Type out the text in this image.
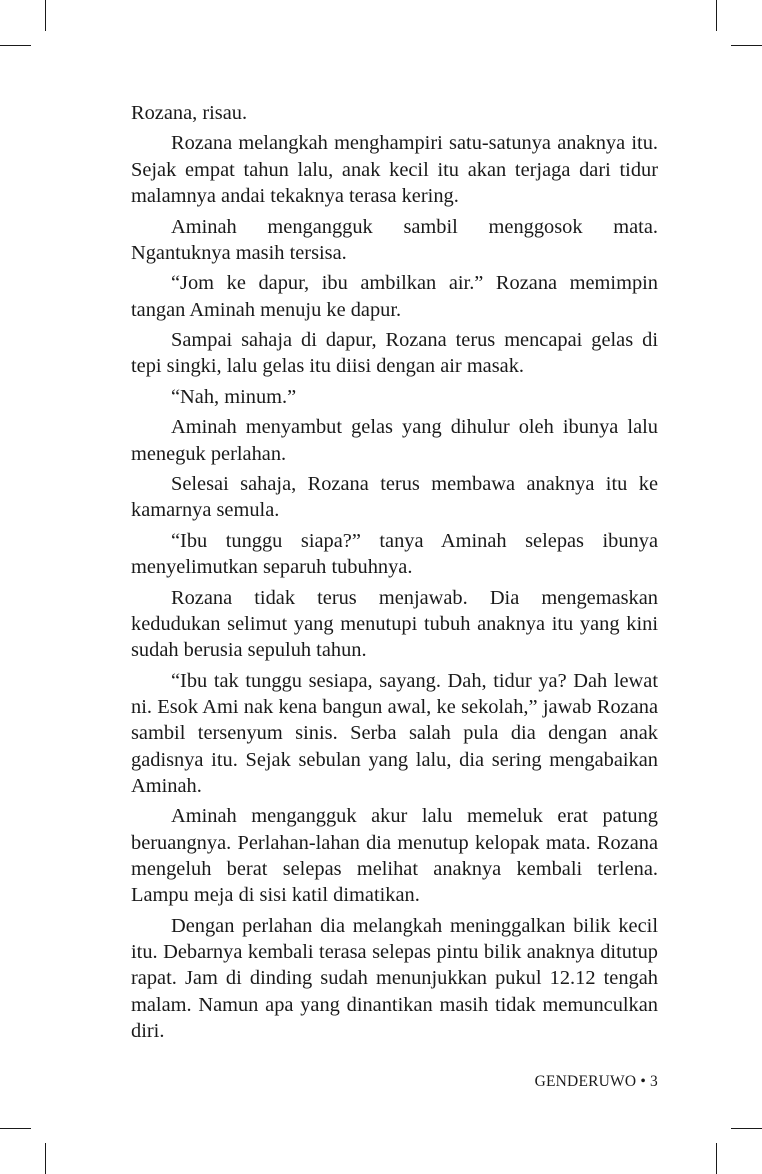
Rozana, risau.

Rozana melangkah menghampiri satu-satunya anaknya itu. Sejak empat tahun lalu, anak kecil itu akan terjaga dari tidur malamnya andai tekaknya terasa kering.

Aminah mengangguk sambil menggosok mata. Ngantuknya masih tersisa.

“Jom ke dapur, ibu ambilkan air.” Rozana memimpin tangan Aminah menuju ke dapur.

Sampai sahaja di dapur, Rozana terus mencapai gelas di tepi singki, lalu gelas itu diisi dengan air masak.

“Nah, minum.”

Aminah menyambut gelas yang dihulur oleh ibunya lalu meneguk perlahan.

Selesai sahaja, Rozana terus membawa anaknya itu ke kamarnya semula.

“Ibu tunggu siapa?” tanya Aminah selepas ibunya menyelimutkan separuh tubuhnya.

Rozana tidak terus menjawab. Dia mengemaskan kedudukan selimut yang menutupi tubuh anaknya itu yang kini sudah berusia sepuluh tahun.

“Ibu tak tunggu sesiapa, sayang. Dah, tidur ya? Dah lewat ni. Esok Ami nak kena bangun awal, ke sekolah,” jawab Rozana sambil tersenyum sinis. Serba salah pula dia dengan anak gadisnya itu. Sejak sebulan yang lalu, dia sering mengabaikan Aminah.

Aminah mengangguk akur lalu memeluk erat patung beruangnya. Perlahan-lahan dia menutup kelopak mata. Rozana mengeluh berat selepas melihat anaknya kembali terlena. Lampu meja di sisi katil dimatikan.

Dengan perlahan dia melangkah meninggalkan bilik kecil itu. Debarnya kembali terasa selepas pintu bilik anaknya ditutup rapat. Jam di dinding sudah menunjukkan pukul 12.12 tengah malam. Namun apa yang dinantikan masih tidak memunculkan diri.

GENDERUWO • 3
